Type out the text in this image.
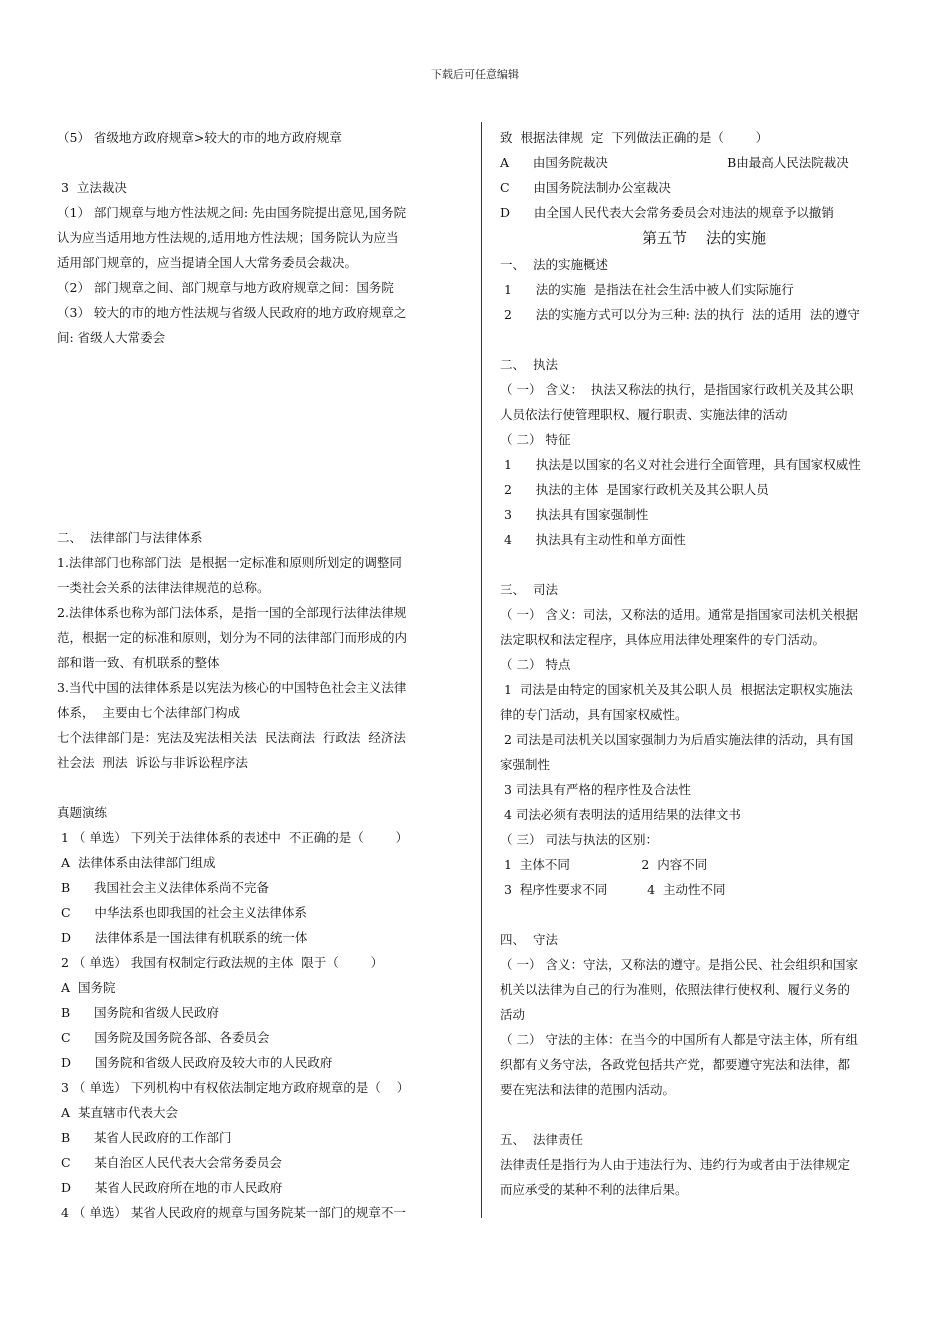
下载后可任意编辑
（5） 省级地方政府规章>较大的市的地方政府规章
3  立法裁决
（1） 部门规章与地方性法规之间: 先由国务院提出意见,国务院
认为应当适用地方性法规的,适用地方性法规；国务院认为应当
适用部门规章的，应当提请全国人大常务委员会裁决。
（2） 部门规章之间、部门规章与地方政府规章之间：国务院
（3） 较大的市的地方性法规与省级人民政府的地方政府规章之
间: 省级人大常委会
二、  法律部门与法律体系
1.法律部门也称部门法  是根据一定标准和原则所划定的调整同
一类社会关系的法律法律规范的总称。
2.法律体系也称为部门法体系，是指一国的全部现行法律法律规
范，根据一定的标准和原则，划分为不同的法律部门而形成的内
部和谐一致、有机联系的整体
3.当代中国的法律体系是以宪法为核心的中国特色社会主义法律
体系，  主要由七个法律部门构成
七个法律部门是：宪法及宪法相关法  民法商法  行政法  经济法
社会法  刑法  诉讼与非诉讼程序法
真题演练
1 （ 单选） 下列关于法律体系的表述中  不正确的是（        ）
A  法律体系由法律部门组成
B      我国社会主义法律体系尚不完备
C      中华法系也即我国的社会主义法律体系
D      法律体系是一国法律有机联系的统一体
2 （ 单选） 我国有权制定行政法规的主体  限于（        ）
A  国务院
B      国务院和省级人民政府
C      国务院及国务院各部、各委员会
D      国务院和省级人民政府及较大市的人民政府
3 （ 单选） 下列机构中有权依法制定地方政府规章的是（    ）
A  某直辖市代表大会
B      某省人民政府的工作部门
C      某自治区人民代表大会常务委员会
D      某省人民政府所在地的市人民政府
4 （ 单选） 某省人民政府的规章与国务院某一部门的规章不一
致  根据法律规  定  下列做法正确的是（        ）
A      由国务院裁决                              B由最高人民法院裁决
C      由国务院法制办公室裁决
D      由全国人民代表大会常务委员会对违法的规章予以撤销
第五节    法的实施
一、  法的实施概述
1      法的实施  是指法在社会生活中被人们实际施行
2      法的实施方式可以分为三种: 法的执行  法的适用  法的遵守
二、  执法
（ 一） 含义：  执法又称法的执行，是指国家行政机关及其公职
人员依法行使管理职权、履行职责、实施法律的活动
（ 二） 特征
1      执法是以国家的名义对社会进行全面管理，具有国家权威性
2      执法的主体  是国家行政机关及其公职人员
3      执法具有国家强制性
4      执法具有主动性和单方面性
三、  司法
（ 一） 含义：司法，又称法的适用。通常是指国家司法机关根据
法定职权和法定程序，具体应用法律处理案件的专门活动。
（ 二） 特点
1  司法是由特定的国家机关及其公职人员  根据法定职权实施法
律的专门活动，具有国家权威性。
2 司法是司法机关以国家强制力为后盾实施法律的活动，具有国
家强制性
3 司法具有严格的程序性及合法性
4 司法必须有表明法的适用结果的法律文书
（ 三） 司法与执法的区别：
1  主体不同                  2  内容不同
3  程序性要求不同          4  主动性不同
四、  守法
（ 一） 含义：守法，又称法的遵守。是指公民、社会组织和国家
机关以法律为自己的行为准则，依照法律行使权利、履行义务的
活动
（ 二） 守法的主体：在当今的中国所有人都是守法主体，所有组
织都有义务守法，各政党包括共产党，都要遵守宪法和法律，都
要在宪法和法律的范围内活动。
五、  法律责任
法律责任是指行为人由于违法行为、违约行为或者由于法律规定
而应承受的某种不利的法律后果。
